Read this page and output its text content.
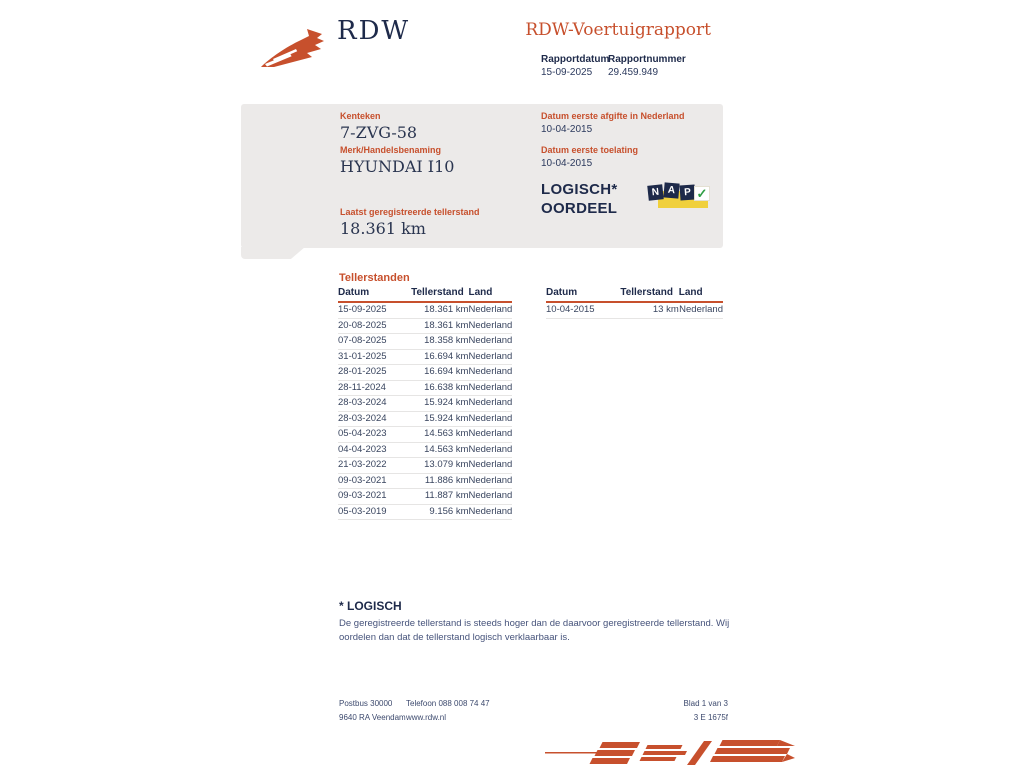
RDW	RDW-Voertuigrapport
Rapportdatum
15-09-2025
Rapportnummer
29.459.949
Kenteken
7-ZVG-58
Merk/Handelsbenaming
HYUNDAI I10
Laatst geregistreerde tellerstand
18.361 km
Datum eerste afgifte in Nederland
10-04-2015
Datum eerste toelating
10-04-2015
LOGISCH*
OORDEEL
N A P ✓
Tellerstanden
Datum	Tellerstand	Land
15-09-2025	18.361 km	Nederland
20-08-2025	18.361 km	Nederland
07-08-2025	18.358 km	Nederland
31-01-2025	16.694 km	Nederland
28-01-2025	16.694 km	Nederland
28-11-2024	16.638 km	Nederland
28-03-2024	15.924 km	Nederland
28-03-2024	15.924 km	Nederland
05-04-2023	14.563 km	Nederland
04-04-2023	14.563 km	Nederland
21-03-2022	13.079 km	Nederland
09-03-2021	11.886 km	Nederland
09-03-2021	11.887 km	Nederland
05-03-2019	9.156 km	Nederland
Datum	Tellerstand	Land
10-04-2015	13 km	Nederland
* LOGISCH
De geregistreerde tellerstand is steeds hoger dan de daarvoor geregistreerde tellerstand. Wij oordelen dan dat de tellerstand logisch verklaarbaar is.
Postbus 30000
9640 RA Veendam
Telefoon 088 008 74 47
www.rdw.nl
Blad 1 van 3
3 E 1675f
